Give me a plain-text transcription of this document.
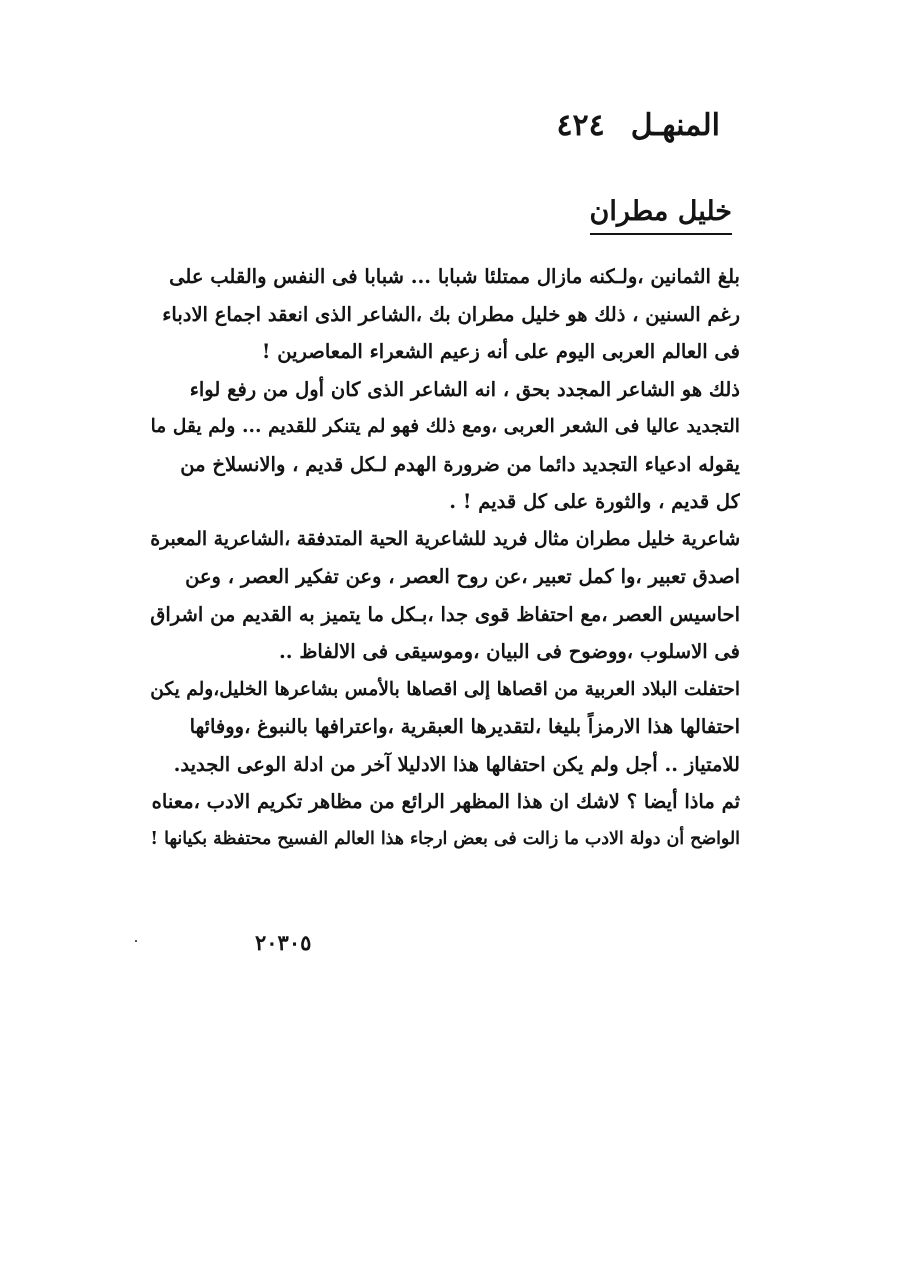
المنهـل
٤٢٤
خليل مطران

بلغ الثمانين ،ولـكنه مازال ممتلئا شبابا ... شبابا فى النفس والقلب على
رغم السنين ، ذلك هو خليل مطران بك ،الشاعر الذى انعقد اجماع الادباء
فى العالم العربى اليوم على أنه زعيم الشعراء المعاصرين !

ذلك هو الشاعر المجدد بحق ، انه الشاعر الذى كان أول من رفع لواء
التجديد عاليا فى الشعر العربى ،ومع ذلك فهو لم يتنكر للقديم ... ولم يقل ما
يقوله ادعياء التجديد دائما من ضرورة الهدم لـكل قديم ، والانسلاخ من
كل قديم ، والثورة على كل قديم ! .

شاعرية خليل مطران مثال فريد للشاعرية الحية المتدفقة ،الشاعرية المعبرة
اصدق تعبير ،وا كمل تعبير ،عن روح العصر ، وعن تفكير العصر ، وعن
احاسيس العصر ،مع احتفاظ قوى جدا ،بـكل ما يتميز به القديم من اشراق
فى الاسلوب ،ووضوح فى البيان ،وموسيقى فى الالفاظ ..

احتفلت البلاد العربية من اقصاها إلى اقصاها بالأمس بشاعرها الخليل،ولم يكن
احتفالها هذا الارمزاً بليغا ،لتقديرها العبقرية ،واعترافها بالنبوغ ،ووفائها
للامتياز .. أجل ولم يكن احتفالها هذا الادليلا آخر من ادلة الوعى الجديد.
ثم ماذا أيضا ؟ لاشك ان هذا المظهر الرائع من مظاهر تكريم الادب ،معناه
الواضح أن دولة الادب ما زالت فى بعض ارجاء هذا العالم الفسيح محتفظة بكيانها !

٢٠٣٠٥
